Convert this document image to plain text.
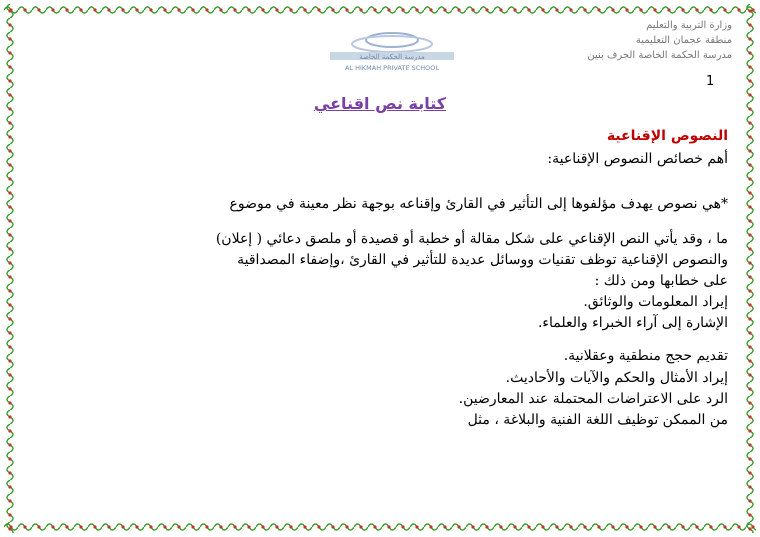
وزارة التربية والتعليم
منطقة عجمان التعليمية
مدرسة الحكمة الخاصة الجرف بنين
مدرسة الحكمة الخاصة
AL HIKMAH PRIVATE SCHOOL
1
كتابة نص اقناعي
النصوص الإقناعية
أهم خصائص النصوص الإقناعية:
*هي نصوص يهدف مؤلفوها إلى التأثير في القارئ وإقناعه بوجهة نظر معينة في موضوع
ما ، وقد يأتي النص الإقناعي على شكل مقالة أو خطبة أو قصيدة أو ملصق دعائي ( إعلان)
والنصوص الإقناعية توظف تقنيات ووسائل عديدة للتأثير في القارئ ،وإضفاء المصداقية
على خطابها ومن ذلك :
إيراد المعلومات والوثائق.
الإشارة إلى آراء الخبراء والعلماء.
تقديم حجج منطقية وعقلانية.
إيراد الأمثال والحكم والآيات والأحاديث.
الرد على الاعتراضات المحتملة عند المعارضين.
من الممكن توظيف اللغة الفنية والبلاغة ، مثل
